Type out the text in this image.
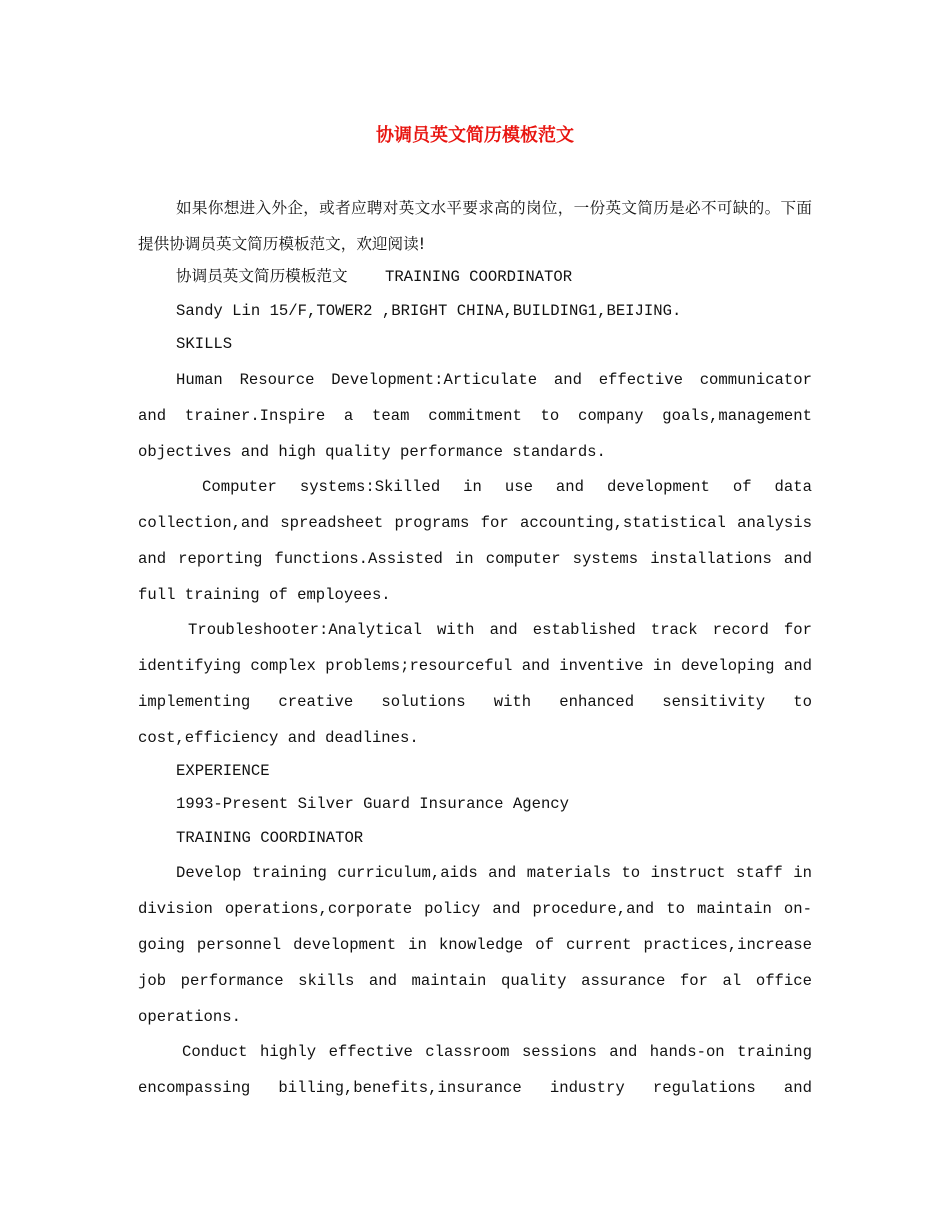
协调员英文简历模板范文

如果你想进入外企，或者应聘对英文水平要求高的岗位，一份英文简历是必不可缺的。下面提供协调员英文简历模板范文，欢迎阅读!

协调员英文简历模板范文    TRAINING COORDINATOR

Sandy Lin 15/F,TOWER2 ,BRIGHT CHINA,BUILDING1,BEIJING.

SKILLS

Human Resource Development:Articulate and effective communicator and trainer.Inspire a team commitment to company goals,management objectives and high quality performance standards.

Computer systems:Skilled in use and development of data collection,and spreadsheet programs for accounting,statistical analysis and reporting functions.Assisted in computer systems installations and full training of employees.

Troubleshooter:Analytical with and established track record for identifying complex problems;resourceful and inventive in developing and implementing creative solutions with enhanced sensitivity to cost,efficiency and deadlines.

EXPERIENCE

1993-Present Silver Guard Insurance Agency

TRAINING COORDINATOR

Develop training curriculum,aids and materials to instruct staff in division operations,corporate policy and procedure,and to maintain on-going personnel development in knowledge of current practices,increase job performance skills and maintain quality assurance for al office operations.

Conduct highly effective classroom sessions and hands-on training encompassing billing,benefits,insurance industry regulations and
